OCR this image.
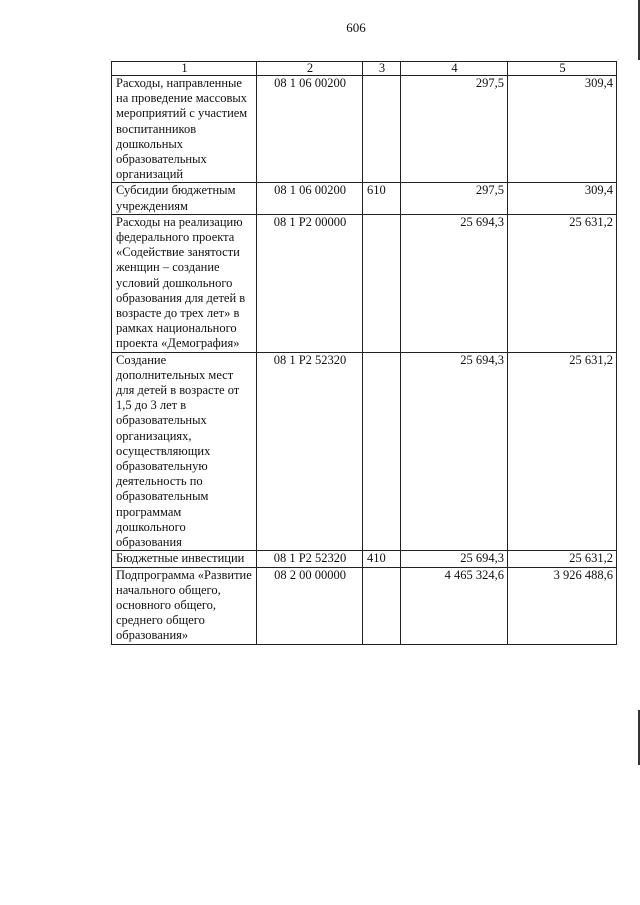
606
1	2	3	4	5
Расходы, направленные на проведение массовых мероприятий с участием воспитанников дошкольных образовательных организаций	08 1 06 00200		297,5	309,4
Субсидии бюджетным учреждениям	08 1 06 00200	610	297,5	309,4
Расходы на реализацию федерального проекта «Содействие занятости женщин – создание условий дошкольного образования для детей в возрасте до трех лет» в рамках национального проекта «Демография»	08 1 P2 00000		25 694,3	25 631,2
Создание дополнительных мест для детей в возрасте от 1,5 до 3 лет в образовательных организациях, осуществляющих образовательную деятельность по образовательным программам дошкольного образования	08 1 P2 52320		25 694,3	25 631,2
Бюджетные инвестиции	08 1 P2 52320	410	25 694,3	25 631,2
Подпрограмма «Развитие начального общего, основного общего, среднего общего образования»	08 2 00 00000		4 465 324,6	3 926 488,6
